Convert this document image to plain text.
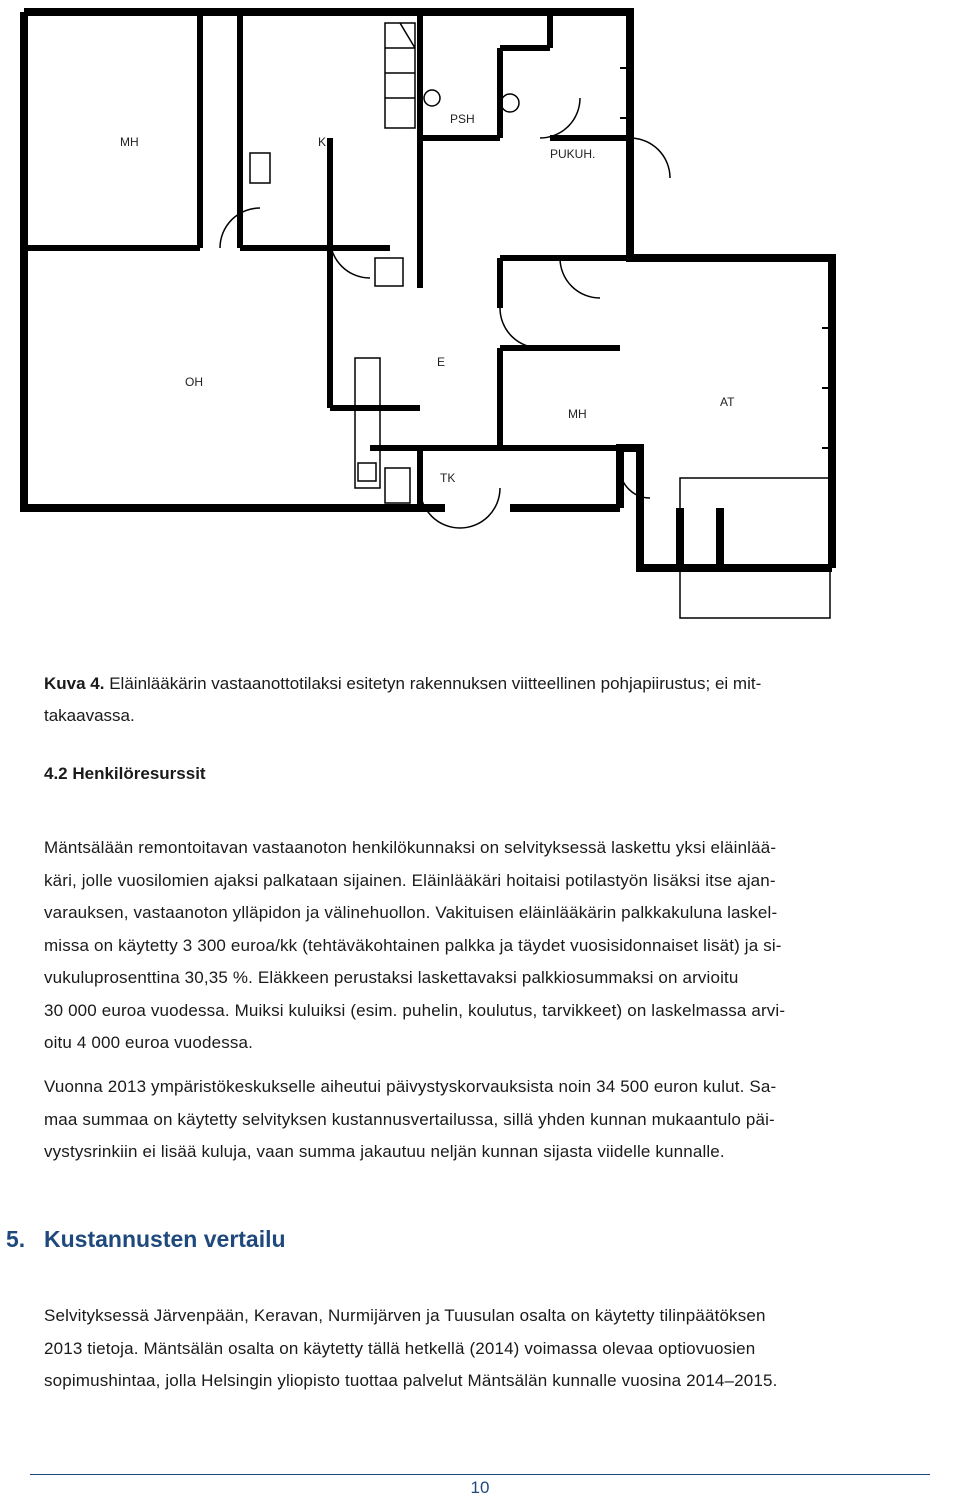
MH	K
PSH
PUKUH.
OH
E
MH
AT
TK
Kuva 4. Eläinlääkärin vastaanottotilaksi esitetyn rakennuksen viitteellinen pohjapiirustus; ei mit-
takaavassa.
4.2 Henkilöresurssit
Mäntsälään remontoitavan vastaanoton henkilökunnaksi on selvityksessä laskettu yksi eläinlää-
käri, jolle vuosilomien ajaksi palkataan sijainen. Eläinlääkäri hoitaisi potilastyön lisäksi itse ajan-
varauksen, vastaanoton ylläpidon ja välinehuollon. Vakituisen eläinlääkärin palkkakuluna laskel-
missa on käytetty 3 300 euroa/kk (tehtäväkohtainen palkka ja täydet vuosisidonnaiset lisät) ja si-
vukuluprosenttina 30,35 %. Eläkkeen perustaksi laskettavaksi palkkiosummaksi on arvioitu
30 000 euroa vuodessa. Muiksi kuluiksi (esim. puhelin, koulutus, tarvikkeet) on laskelmassa arvi-
oitu 4 000 euroa vuodessa.
Vuonna 2013 ympäristökeskukselle aiheutui päivystyskorvauksista noin 34 500 euron kulut. Sa-
maa summaa on käytetty selvityksen kustannusvertailussa, sillä yhden kunnan mukaantulo päi-
vystysrinkiin ei lisää kuluja, vaan summa jakautuu neljän kunnan sijasta viidelle kunnalle.
5. Kustannusten vertailu
Selvityksessä Järvenpään, Keravan, Nurmijärven ja Tuusulan osalta on käytetty tilinpäätöksen
2013 tietoja. Mäntsälän osalta on käytetty tällä hetkellä (2014) voimassa olevaa optiovuosien
sopimushintaa, jolla Helsingin yliopisto tuottaa palvelut Mäntsälän kunnalle vuosina 2014–2015.
10
